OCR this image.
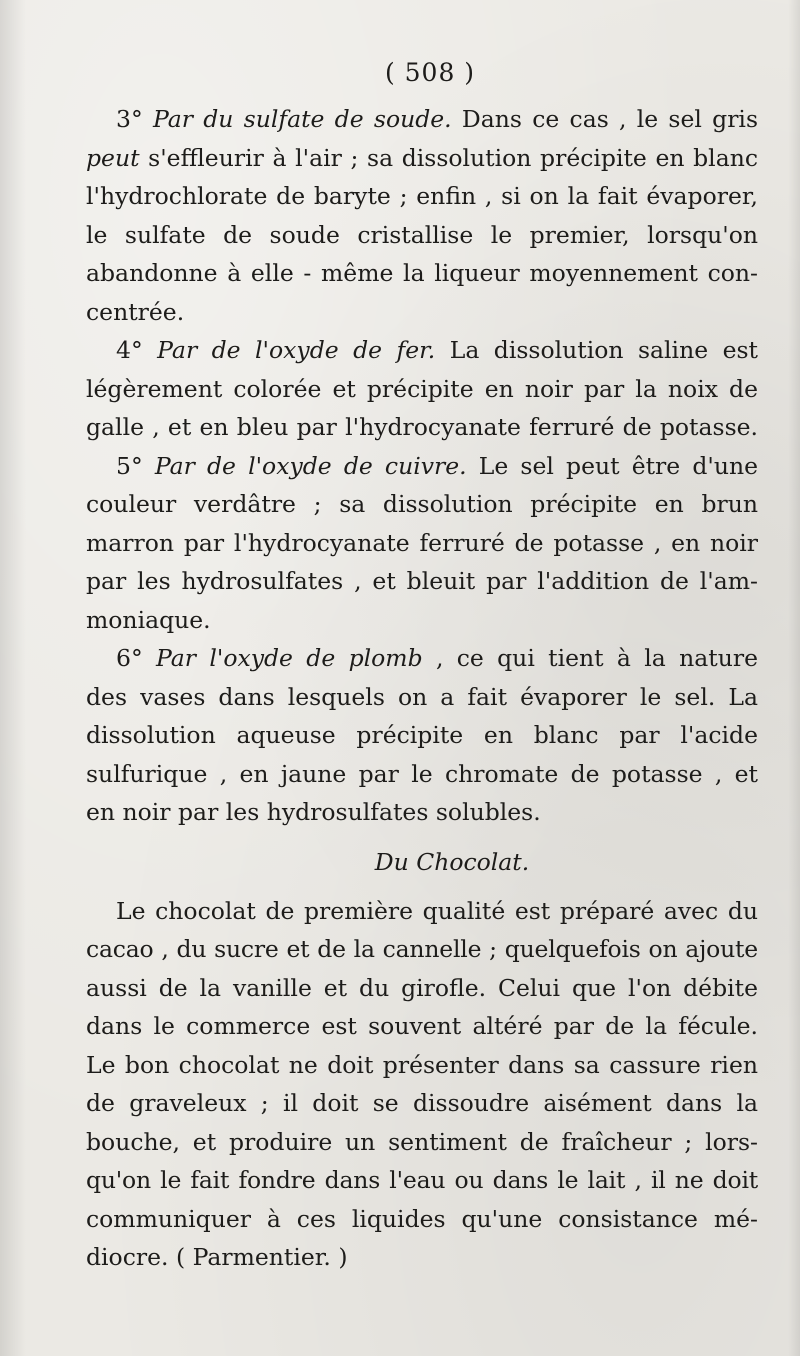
( 508 )
3° Par du sulfate de soude. Dans ce cas , le sel gris
peut s'effleurir à l'air ; sa dissolution précipite en blanc
l'hydrochlorate de baryte ; enfin , si on la fait évaporer,
le sulfate de soude cristallise le premier, lorsqu'on
abandonne à elle - même la liqueur moyennement con-
centrée.
4° Par de l'oxyde de fer. La dissolution saline est
légèrement colorée et précipite en noir par la noix de
galle , et en bleu par l'hydrocyanate ferruré de potasse.
5° Par de l'oxyde de cuivre. Le sel peut être d'une
couleur verdâtre ; sa dissolution précipite en brun
marron par l'hydrocyanate ferruré de potasse , en noir
par les hydrosulfates , et bleuit par l'addition de l'am-
moniaque.
6° Par l'oxyde de plomb , ce qui tient à la nature
des vases dans lesquels on a fait évaporer le sel. La
dissolution aqueuse précipite en blanc par l'acide
sulfurique , en jaune par le chromate de potasse , et
en noir par les hydrosulfates solubles.
Du Chocolat.
Le chocolat de première qualité est préparé avec du
cacao , du sucre et de la cannelle ; quelquefois on ajoute
aussi de la vanille et du girofle. Celui que l'on débite
dans le commerce est souvent altéré par de la fécule.
Le bon chocolat ne doit présenter dans sa cassure rien
de graveleux ; il doit se dissoudre aisément dans la
bouche, et produire un sentiment de fraîcheur ; lors-
qu'on le fait fondre dans l'eau ou dans le lait , il ne doit
communiquer à ces liquides qu'une consistance mé-
diocre. ( Parmentier. )
